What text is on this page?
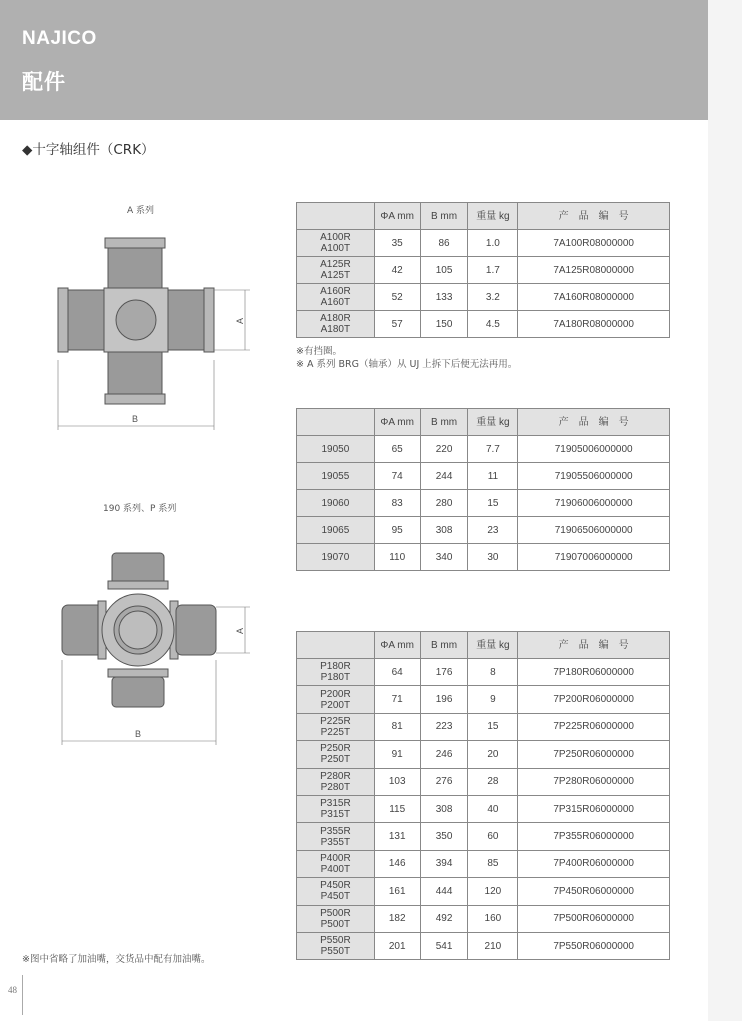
NAJICO
配件
◆十字轴组件（CRK）
A 系列
B
A
	ΦA mm	B mm	重量 kg	产　品　编　号
A100R
A100T	35	86	1.0	7A100R08000000
A125R
A125T	42	105	1.7	7A125R08000000
A160R
A160T	52	133	3.2	7A160R08000000
A180R
A180T	57	150	4.5	7A180R08000000
※有挡圈。
※ A 系列 BRG（轴承）从 UJ 上拆下后便无法再用。
	ΦA mm	B mm	重量 kg	产　品　编　号
19050	65	220	7.7	71905006000000
19055	74	244	11	71905506000000
19060	83	280	15	71906006000000
19065	95	308	23	71906506000000
19070	110	340	30	71907006000000
190 系列、P 系列
B
A
	ΦA mm	B mm	重量 kg	产　品　编　号
P180R
P180T	64	176	8	7P180R06000000
P200R
P200T	71	196	9	7P200R06000000
P225R
P225T	81	223	15	7P225R06000000
P250R
P250T	91	246	20	7P250R06000000
P280R
P280T	103	276	28	7P280R06000000
P315R
P315T	115	308	40	7P315R06000000
P355R
P355T	131	350	60	7P355R06000000
P400R
P400T	146	394	85	7P400R06000000
P450R
P450T	161	444	120	7P450R06000000
P500R
P500T	182	492	160	7P500R06000000
P550R
P550T	201	541	210	7P550R06000000
※图中省略了加油嘴，交货品中配有加油嘴。
48
